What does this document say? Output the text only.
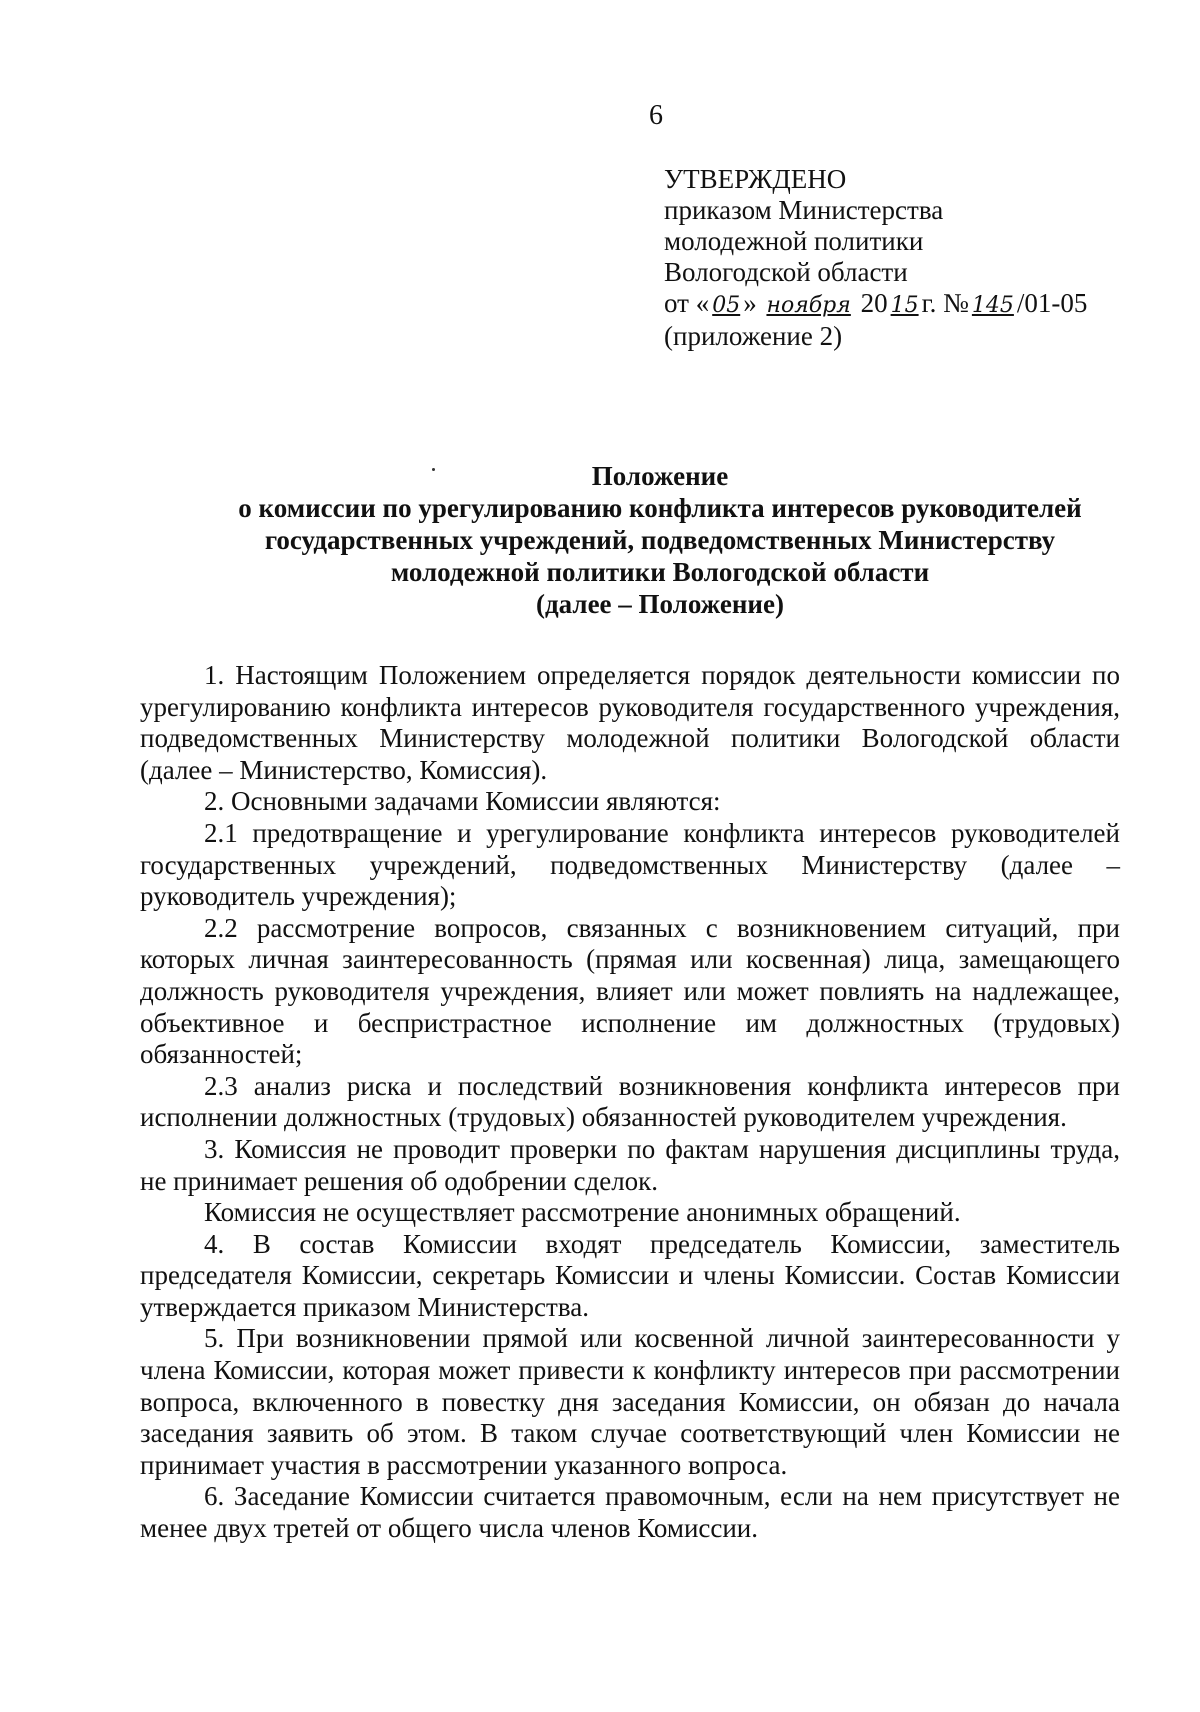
6
УТВЕРЖДЕНО
приказом Министерства
молодежной политики
Вологодской области
от « 05 » ноября 20 15 г. № 145 /01-05
(приложение 2)
Положение
о комиссии по урегулированию конфликта интересов руководителей
государственных учреждений, подведомственных Министерству
молодежной политики Вологодской области
(далее – Положение)

1. Настоящим Положением определяется порядок деятельности комиссии по урегулированию конфликта интересов руководителя государственного учреждения, подведомственных Министерству молодежной политики Вологодской области (далее – Министерство, Комиссия).

2. Основными задачами Комиссии являются:

2.1 предотвращение и урегулирование конфликта интересов руководителей государственных учреждений, подведомственных Министерству (далее – руководитель учреждения);

2.2 рассмотрение вопросов, связанных с возникновением ситуаций, при которых личная заинтересованность (прямая или косвенная) лица, замещающего должность руководителя учреждения, влияет или может повлиять на надлежащее, объективное и беспристрастное исполнение им должностных (трудовых) обязанностей;

2.3 анализ риска и последствий возникновения конфликта интересов при исполнении должностных (трудовых) обязанностей руководителем учреждения.

3. Комиссия не проводит проверки по фактам нарушения дисциплины труда, не принимает решения об одобрении сделок.

Комиссия не осуществляет рассмотрение анонимных обращений.

4. В состав Комиссии входят председатель Комиссии, заместитель председателя Комиссии, секретарь Комиссии и члены Комиссии. Состав Комиссии утверждается приказом Министерства.

5. При возникновении прямой или косвенной личной заинтересованности у члена Комиссии, которая может привести к конфликту интересов при рассмотрении вопроса, включенного в повестку дня заседания Комиссии, он обязан до начала заседания заявить об этом. В таком случае соответствующий член Комиссии не принимает участия в рассмотрении указанного вопроса.

6. Заседание Комиссии считается правомочным, если на нем присутствует не менее двух третей от общего числа членов Комиссии.
